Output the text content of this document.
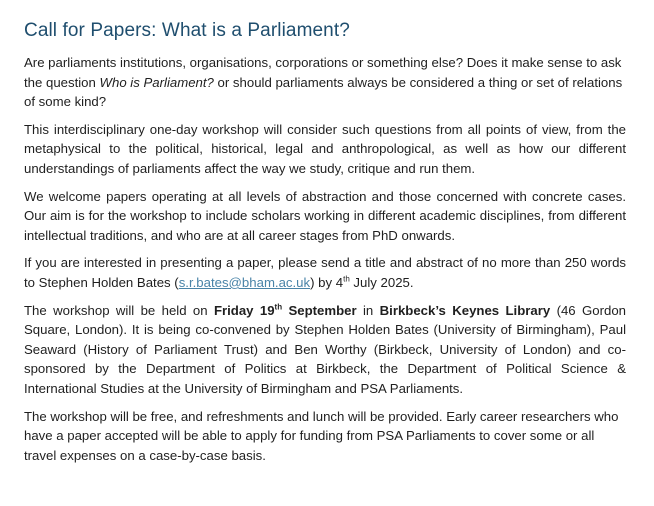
Call for Papers: What is a Parliament?

Are parliaments institutions, organisations, corporations or something else? Does it make sense to ask the question Who is Parliament? or should parliaments always be considered a thing or set of relations of some kind?

This interdisciplinary one-day workshop will consider such questions from all points of view, from the metaphysical to the political, historical, legal and anthropological, as well as how our different understandings of parliaments affect the way we study, critique and run them.

We welcome papers operating at all levels of abstraction and those concerned with concrete cases. Our aim is for the workshop to include scholars working in different academic disciplines, from different intellectual traditions, and who are at all career stages from PhD onwards.

If you are interested in presenting a paper, please send a title and abstract of no more than 250 words to Stephen Holden Bates (s.r.bates@bham.ac.uk) by 4th July 2025.

The workshop will be held on Friday 19th September in Birkbeck’s Keynes Library (46 Gordon Square, London). It is being co-convened by Stephen Holden Bates (University of Birmingham), Paul Seaward (History of Parliament Trust) and Ben Worthy (Birkbeck, University of London) and co-sponsored by the Department of Politics at Birkbeck, the Department of Political Science & International Studies at the University of Birmingham and PSA Parliaments.

The workshop will be free, and refreshments and lunch will be provided. Early career researchers who have a paper accepted will be able to apply for funding from PSA Parliaments to cover some or all travel expenses on a case-by-case basis.
